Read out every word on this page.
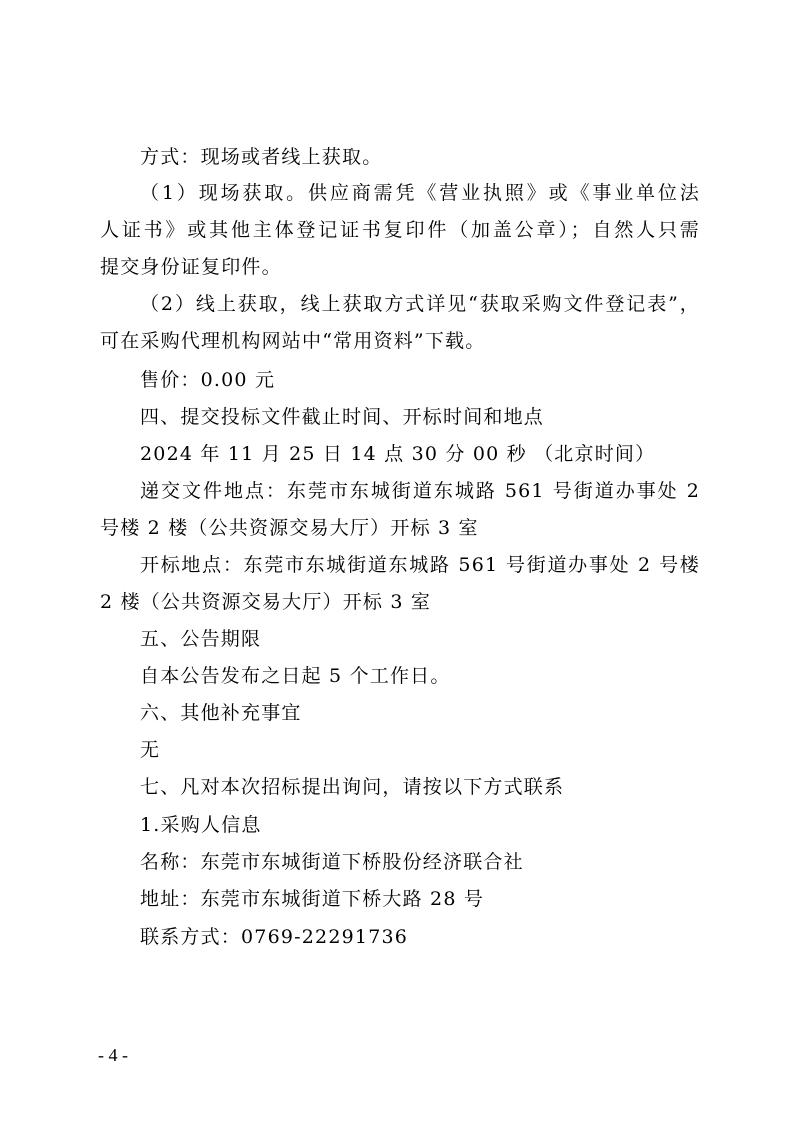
方式：现场或者线上获取。
（1）现场获取。供应商需凭《营业执照》或《事业单位法
人证书》或其他主体登记证书复印件（加盖公章）；自然人只需
提交身份证复印件。
（2）线上获取，线上获取方式详见“获取采购文件登记表”，
可在采购代理机构网站中“常用资料”下载。
售价：0.00 元
四、提交投标文件截止时间、开标时间和地点
2024 年 11 月 25 日 14 点 30 分 00 秒 （北京时间）
递交文件地点：东莞市东城街道东城路 561 号街道办事处 2
号楼 2 楼（公共资源交易大厅）开标 3 室
开标地点：东莞市东城街道东城路 561 号街道办事处 2 号楼
2 楼（公共资源交易大厅）开标 3 室
五、公告期限
自本公告发布之日起 5 个工作日。
六、其他补充事宜
无
七、凡对本次招标提出询问，请按以下方式联系
1.采购人信息
名称：东莞市东城街道下桥股份经济联合社
地址：东莞市东城街道下桥大路 28 号
联系方式：0769-22291736
- 4 -
